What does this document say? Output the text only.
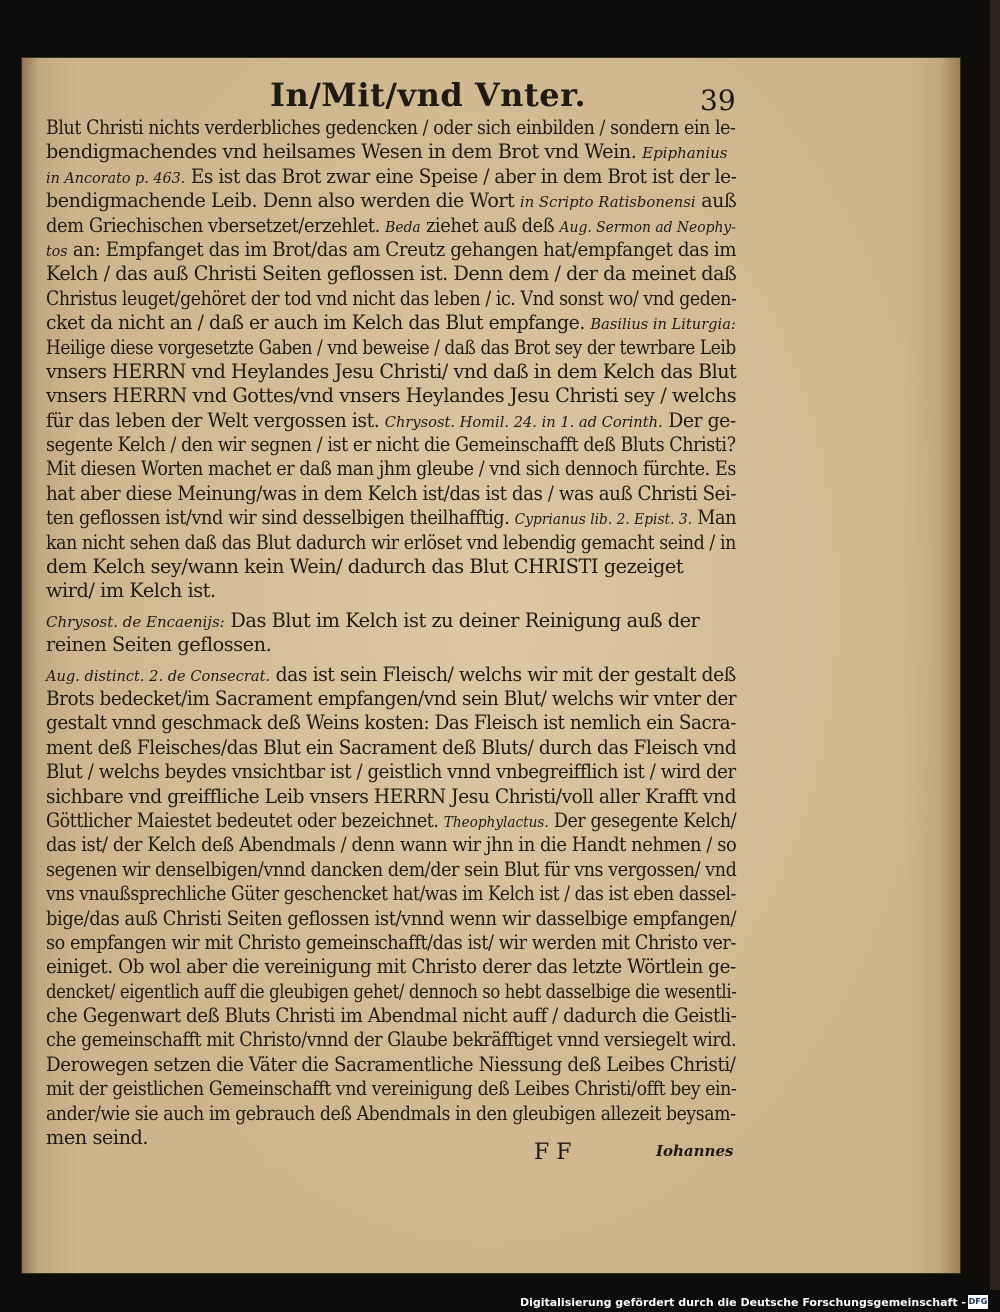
In/Mit/vnd Vnter.	39
Blut Christi nichts verderbliches gedencken / oder sich einbilden / sondern ein le-
bendigmachendes vnd heilsames Wesen in dem Brot vnd Wein. Epiphanius
in Ancorato p. 463. Es ist das Brot zwar eine Speise / aber in dem Brot ist der le-
bendigmachende Leib. Denn also werden die Wort in Scripto Ratisbonensi auß
dem Griechischen vbersetzet/erzehlet. Beda ziehet auß deß Aug. Sermon ad Neophy-
tos an: Empfanget das im Brot/das am Creutz gehangen hat/empfanget das im
Kelch / das auß Christi Seiten geflossen ist. Denn dem / der da meinet daß
Christus leuget/gehöret der tod vnd nicht das leben / ic. Vnd sonst wo/ vnd geden-
cket da nicht an / daß er auch im Kelch das Blut empfange. Basilius in Liturgia:
Heilige diese vorgesetzte Gaben / vnd beweise / daß das Brot sey der tewrbare Leib
vnsers HERRN vnd Heylandes Jesu Christi/ vnd daß in dem Kelch das Blut
vnsers HERRN vnd Gottes/vnd vnsers Heylandes Jesu Christi sey / welchs
für das leben der Welt vergossen ist. Chrysost. Homil. 24. in 1. ad Corinth. Der ge-
segente Kelch / den wir segnen / ist er nicht die Gemeinschafft deß Bluts Christi?
Mit diesen Worten machet er daß man jhm gleube / vnd sich dennoch fürchte. Es
hat aber diese Meinung/was in dem Kelch ist/das ist das / was auß Christi Sei-
ten geflossen ist/vnd wir sind desselbigen theilhafftig. Cyprianus lib. 2. Epist. 3. Man
kan nicht sehen daß das Blut dadurch wir erlöset vnd lebendig gemacht seind / in
dem Kelch sey/wann kein Wein/ dadurch das Blut CHRISTI gezeiget
wird/ im Kelch ist.
Chrysost. de Encaenijs: Das Blut im Kelch ist zu deiner Reinigung auß der
reinen Seiten geflossen.
Aug. distinct. 2. de Consecrat. das ist sein Fleisch/ welchs wir mit der gestalt deß
Brots bedecket/im Sacrament empfangen/vnd sein Blut/ welchs wir vnter der
gestalt vnnd geschmack deß Weins kosten: Das Fleisch ist nemlich ein Sacra-
ment deß Fleisches/das Blut ein Sacrament deß Bluts/ durch das Fleisch vnd
Blut / welchs beydes vnsichtbar ist / geistlich vnnd vnbegreifflich ist / wird der
sichbare vnd greiffliche Leib vnsers HERRN Jesu Christi/voll aller Krafft vnd
Göttlicher Maiestet bedeutet oder bezeichnet. Theophylactus. Der gesegente Kelch/
das ist/ der Kelch deß Abendmals / denn wann wir jhn in die Handt nehmen / so
segenen wir denselbigen/vnnd dancken dem/der sein Blut für vns vergossen/ vnd
vns vnaußsprechliche Güter geschencket hat/was im Kelch ist / das ist eben dassel-
bige/das auß Christi Seiten geflossen ist/vnnd wenn wir dasselbige empfangen/
so empfangen wir mit Christo gemeinschafft/das ist/ wir werden mit Christo ver-
einiget. Ob wol aber die vereinigung mit Christo derer das letzte Wörtlein ge-
dencket/ eigentlich auff die gleubigen gehet/ dennoch so hebt dasselbige die wesentli-
che Gegenwart deß Bluts Christi im Abendmal nicht auff / dadurch die Geistli-
che gemeinschafft mit Christo/vnnd der Glaube bekräfftiget vnnd versiegelt wird.
Derowegen setzen die Väter die Sacramentliche Niessung deß Leibes Christi/
mit der geistlichen Gemeinschafft vnd vereinigung deß Leibes Christi/offt bey ein-
ander/wie sie auch im gebrauch deß Abendmals in den gleubigen allezeit beysam-
men seind.
F F	Iohannes
Digitalisierung gefördert durch die Deutsche Forschungsgemeinschaft - DFG
